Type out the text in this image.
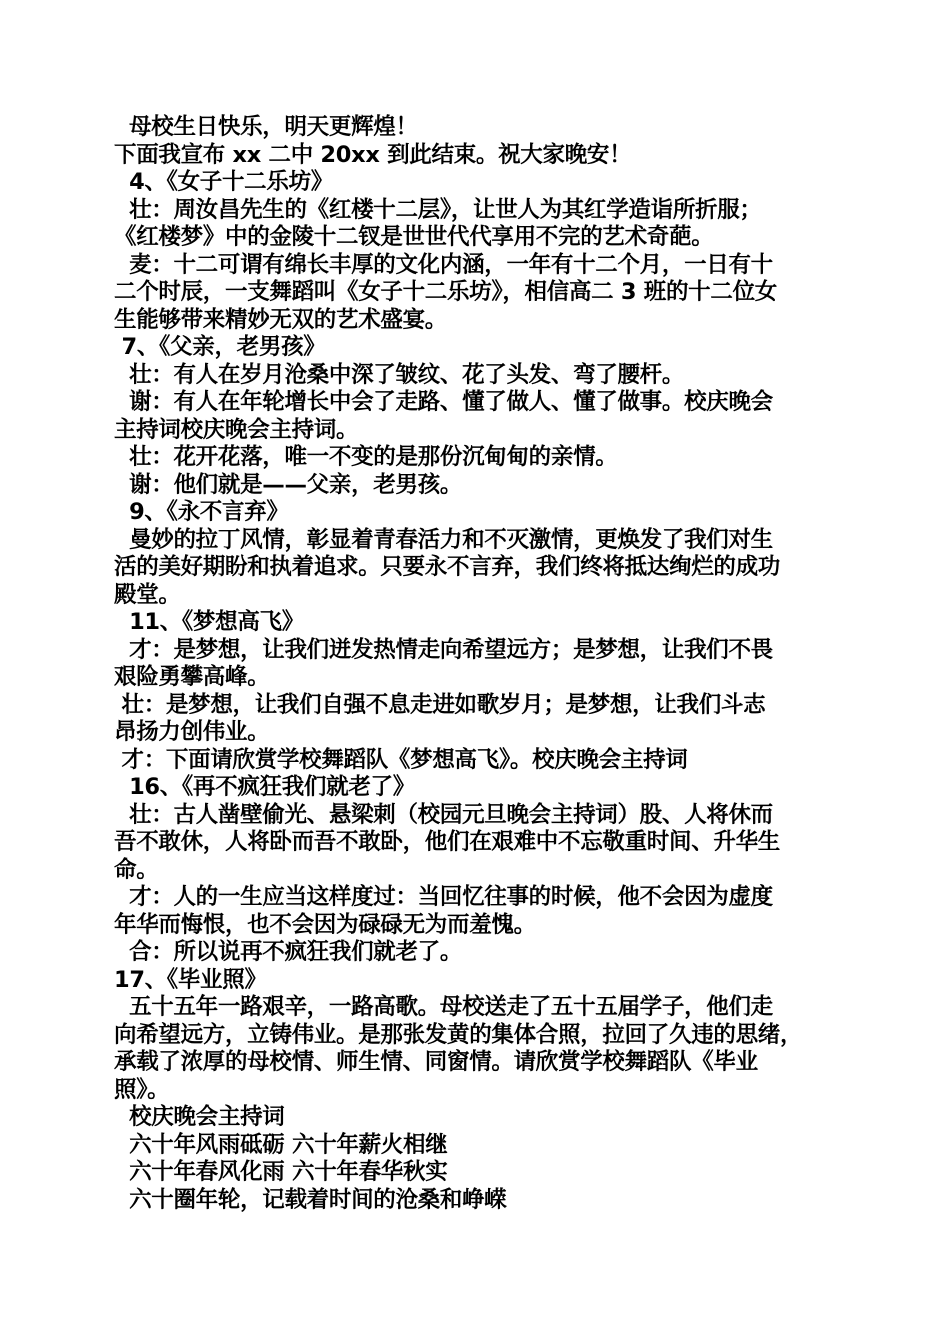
母校生日快乐，明天更辉煌！
下面我宣布 xx 二中 20xx 到此结束。祝大家晚安！
4、《女子十二乐坊》
壮：周汝昌先生的《红楼十二层》，让世人为其红学造诣所折服；
《红楼梦》中的金陵十二钗是世世代代享用不完的艺术奇葩。
麦：十二可谓有绵长丰厚的文化内涵，一年有十二个月，一日有十
二个时辰，一支舞蹈叫《女子十二乐坊》，相信高二 3 班的十二位女
生能够带来精妙无双的艺术盛宴。
7、《父亲，老男孩》
壮：有人在岁月沧桑中深了皱纹、花了头发、弯了腰杆。
谢：有人在年轮增长中会了走路、懂了做人、懂了做事。校庆晚会
主持词校庆晚会主持词。
壮：花开花落，唯一不变的是那份沉甸甸的亲情。
谢：他们就是——父亲，老男孩。
9、《永不言弃》
曼妙的拉丁风情，彰显着青春活力和不灭激情，更焕发了我们对生
活的美好期盼和执着追求。只要永不言弃，我们终将抵达绚烂的成功
殿堂。
11、《梦想高飞》
才：是梦想，让我们迸发热情走向希望远方；是梦想，让我们不畏
艰险勇攀高峰。
壮：是梦想，让我们自强不息走进如歌岁月；是梦想，让我们斗志
昂扬力创伟业。
才：下面请欣赏学校舞蹈队《梦想高飞》。校庆晚会主持词
16、《再不疯狂我们就老了》
壮：古人凿壁偷光、悬梁刺（校园元旦晚会主持词）股、人将休而
吾不敢休，人将卧而吾不敢卧，他们在艰难中不忘敬重时间、升华生
命。
才：人的一生应当这样度过：当回忆往事的时候，他不会因为虚度
年华而悔恨，也不会因为碌碌无为而羞愧。
合：所以说再不疯狂我们就老了。
17、《毕业照》
五十五年一路艰辛，一路高歌。母校送走了五十五届学子，他们走
向希望远方，立铸伟业。是那张发黄的集体合照，拉回了久违的思绪，
承载了浓厚的母校情、师生情、同窗情。请欣赏学校舞蹈队《毕业
照》。
校庆晚会主持词
六十年风雨砥砺 六十年薪火相继
六十年春风化雨 六十年春华秋实
六十圈年轮，记载着时间的沧桑和峥嵘
